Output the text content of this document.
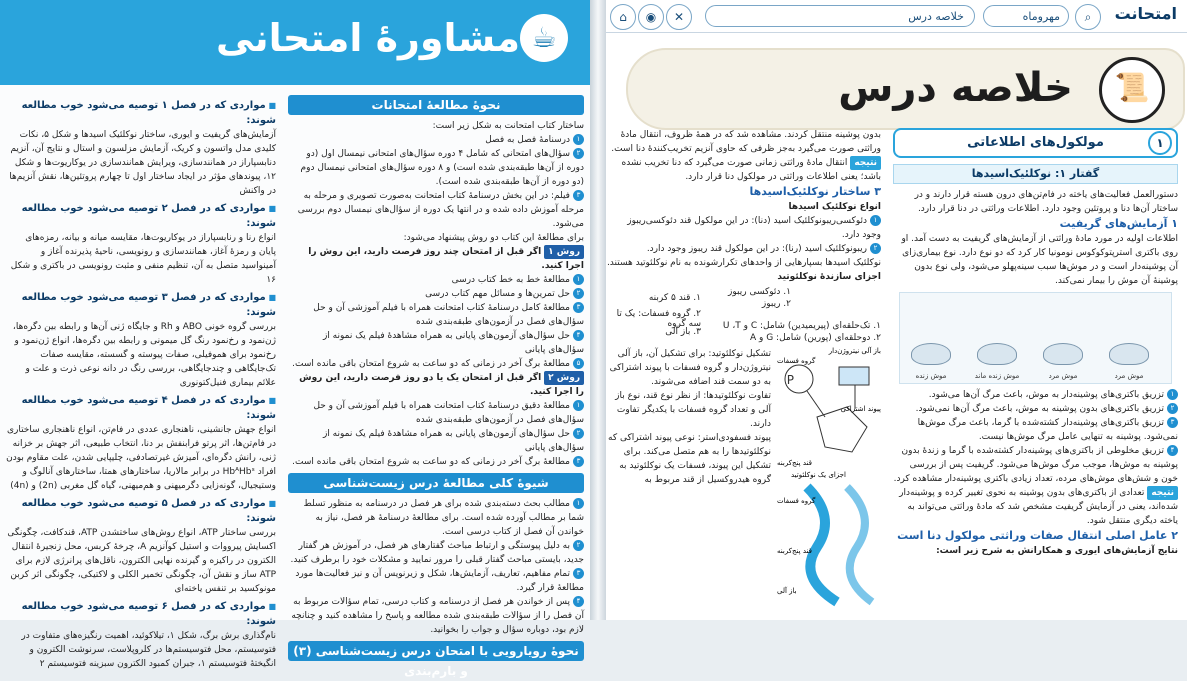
مشاوره‌ٔ امتحانی ☕
نحوهٔ مطالعهٔ امتحانات

ساختار کتاب امتحانت به شکل زیر است:

۱درسنامهٔ فصل به فصل

۲سؤال‌های امتحانی که شامل ۴ دوره سؤال‌های امتحانی نیمسال اول (دو دوره از آن‌ها طبقه‌بندی شده است) و ۸ دوره سؤال‌های امتحانی نیمسال دوم (دو دوره از آن‌ها طبقه‌بندی شده است).

۳فیلم: در این بخش درسنامهٔ کتاب امتحانت به‌صورت تصویری و مرحله به مرحله آموزش داده شده و در انتها یک دوره از سؤال‌های نیمسال دوم بررسی می‌شود.

برای مطالعهٔ این کتاب دو روش پیشنهاد می‌شود:

روش ۱اگر قبل از امتحان چند روز فرصت دارید، این روش را اجرا کنید.

۱مطالعهٔ خط به خط کتاب درسی

۲حل تمرین‌ها و مسائل مهم کتاب درسی

۳مطالعهٔ کامل درسنامهٔ کتاب امتحانت همراه با فیلم آموزشی آن و حل سؤال‌های فصل در آزمون‌های طبقه‌بندی شده

۴حل سؤال‌های آزمون‌های پایانی به همراه مشاهدهٔ فیلم یک نمونه از سؤال‌های پایانی

۵مطالعهٔ برگ آخر در زمانی که دو ساعت به شروع امتحان باقی مانده است.

روش ۲اگر قبل از امتحان یک یا دو روز فرصت دارید، این روش را اجرا کنید.

۱مطالعهٔ دقیق درسنامهٔ کتاب امتحانت همراه با فیلم آموزشی آن و حل سؤال‌های فصل در آزمون‌های طبقه‌بندی شده

۲حل سؤال‌های آزمون‌های پایانی به همراه مشاهدهٔ فیلم یک نمونه از سؤال‌های پایانی

۳مطالعهٔ برگ آخر در زمانی که دو ساعت به شروع امتحان باقی مانده است.

شیوهٔ کلی مطالعهٔ درس زیست‌شناسی

۱مطالب بحث دسته‌بندی شده برای هر فصل در درسنامه به منظور تسلط شما بر مطالب آورده شده است. برای مطالعهٔ درسنامهٔ هر فصل، نیاز به خواندن آن فصل از کتاب درسی است.

۲به دلیل پیوستگی و ارتباط مباحث گفتارهای هر فصل، در آموزش هر گفتار جدید، بایستی مباحث گفتار قبلی را مرور نمایید و مشکلات خود را برطرف کنید.

۳تمام مفاهیم، تعاریف، آزمایش‌ها، شکل و زیرنویس آن و نیز فعالیت‌ها مورد مطالعهٔ قرار گیرد.

۴پس از خواندن هر فصل از درسنامه و کتاب درسی، تمام سؤالات مربوط به آن فصل را از سؤالات طبقه‌بندی شده مطالعه و پاسخ را مشاهده کنید و چنانچه لازم بود، دوباره سؤال و جواب را بخوانید.

نحوهٔ رویارویی با امتحان درس زیست‌شناسی (۳) و بارم‌بندی
■ مواردی که در فصل ۱ توصیه می‌شود خوب مطالعه شوند:

آزمایش‌های گریفیت و ایوری، ساختار نوکلئیک اسیدها و شکل ۵، نکات کلیدی مدل واتسون و کریک، آزمایش مزلسون و استال و نتایج آن، آنزیم دنابسپاراز در همانندسازی، ویرایش همانندسازی در یوکاریوت‌ها و شکل ۱۲، پیوندهای مؤثر در ایجاد ساختار اول تا چهارم پروتئین‌ها، نقش آنزیم‌ها در واکنش

■ مواردی که در فصل ۲ توصیه می‌شود خوب مطالعه شوند:

انواع رنا و رنابسپاراز در یوکاریوت‌ها، مقایسه میانه و بیانه، رمزه‌های پایان و رمزهٔ آغاز، همانندسازی و رونویسی، ناحیهٔ پذیرنده آغاز و آمینواسید متصل به آن، تنظیم منفی و مثبت رونویسی در باکتری و شکل ۱۶

■ مواردی که در فصل ۳ توصیه می‌شود خوب مطالعه شوند:

بررسی گروه خونی ABO و Rh و جایگاه ژنی آن‌ها و رابطه بین دگره‌ها، ژن‌نمود و رخ‌نمود رنگ گل میمونی و رابطه بین دگره‌ها، انواع ژن‌نمود و رخ‌نمود برای هموفیلی، صفات پیوسته و گسسته، مقایسه صفات تک‌جایگاهی و چندجایگاهی، بررسی رنگ در دانه نوعی ذرت و علت و علائم بیماری فنیل‌کتونوری

■ مواردی که در فصل ۴ توصیه می‌شود خوب مطالعه شوند:

انواع جهش جانشینی، ناهنجاری عددی در فام‌تن، انواع ناهنجاری ساختاری در فام‌تن‌ها، اثر پرتو فرابنفش بر دنا، انتخاب طبیعی، اثر جهش بر خزانه ژنی، رانش دگره‌ای، آمیزش غیرتصادفی، چلیپایی شدن، علت مقاوم بودن افراد HbᴬHbˢ در برابر مالاریا، ساختارهای همتا، ساختارهای آنالوگ و وستیجیال، گونه‌زایی دگرمیهنی و هم‌میهنی، گیاه گل مغربی (2n) و (4n)

■ مواردی که در فصل ۵ توصیه می‌شود خوب مطالعه شوند:

بررسی ساختار ATP، انواع روش‌های ساختشدن ATP، قندکافت، چگونگی اکسایش پیرووات و استیل کوآنزیم A، چرخهٔ کربس، محل زنجیرهٔ انتقال الکترون در راکیزه و گیرنده نهایی الکترون، ناقل‌های پرانرژی لازم برای ATP ساز و نقش آن، چگونگی تخمیر الکلی و لاکتیکی، چگونگی اثر کربن مونوکسید بر تنفس یاخته‌ای

■ مواردی که در فصل ۶ توصیه می‌شود خوب مطالعه شوند:

نام‌گذاری برش برگ، شکل ۱، تیلاکوئید، اهمیت رنگیزه‌های متفاوت در فتوسیستم، محل فتوسیستم‌ها در کلروپلاست، سرنوشت الکترون و انگیختهٔ فتوسیستم ۱، جبران کمبود الکترون سبزینه فتوسیستم ۲

امتحانت
⌕
مهرو‌ماه
خلاصه درس
✕
◉
⌂
خلاصه درس	📜
۱
مولکول‌های اطلاعاتی
گفتار ۱: نوکلئیک‌اسیدها

دستورالعمل فعالیت‌های یاخته در فام‌تن‌های درون هسته قرار دارند و در ساختار آن‌ها دنا و پروتئین وجود دارد. اطلاعات وراثتی در دنا قرار دارد.

۱ آزمایش‌های گریفیت

اطلاعات اولیه در مورد مادهٔ وراثتی از آزمایش‌های گریفیت به دست آمد. او روی باکتری استرپتوکوکوس نومونیا کار کرد که دو نوع دارد. نوع بیماری‌زای آن پوشینه‌دار است و در موش‌ها سبب سینه‌پهلو می‌شود، ولی نوع بدون پوشینهٔ آن موش را بیمار نمی‌کند.

موش مرد
موش مرد
موش زنده ماند
موش زنده

۱تزریق باکتری‌های پوشینه‌دار به موش، باعث مرگ آن‌ها می‌شود.

۲تزریق باکتری‌های بدون پوشینه به موش، باعث مرگ آن‌ها نمی‌شود.

۳تزریق باکتری‌های پوشینه‌دار کشته‌شده با گرما، باعث مرگ موش‌ها نمی‌شود. پوشینه به تنهایی عامل مرگ موش‌ها نیست.

۴تزریق مخلوطی از باکتری‌های پوشینه‌دار کشته‌شده با گرما و زندهٔ بدون پوشینه به موش‌ها، موجب مرگ موش‌ها می‌شود. گریفیت پس از بررسی خون و شش‌های موش‌های مرده، تعداد زیادی باکتری پوشینه‌دار مشاهده کرد.

نتیجهتعدادی از باکتری‌های بدون پوشینه به نحوی تغییر کرده و پوشینه‌دار شده‌اند، یعنی در آزمایش گریفیت مشخص شد که مادهٔ وراثتی می‌تواند به یاخته دیگری منتقل شود.

۲ عامل اصلی انتقال صفات وراثتی مولکول دنا است
نتایج آزمایش‌های ایوری و همکارانش به شرح زیر است:

بدون پوشینه منتقل کردند. مشاهده شد که در همهٔ ظروف، انتقال مادهٔ وراثتی صورت می‌گیرد به‌جز ظرفی که حاوی آنزیم تخریب‌کنندهٔ دنا است.

نتیجهانتقال مادهٔ وراثتی زمانی صورت می‌گیرد که دنا تخریب نشده باشد؛ یعنی اطلاعات وراثتی در مولکول دنا قرار دارد.

۳ ساختار نوکلئیک‌اسیدها
انواع نوکلئیک اسیدها

۱دئوکسی‌ریبونوکلئیک اسید (دنا): در این مولکول قند دئوکسی‌ریبوز وجود دارد.

۲ریبونوکلئیک اسید (رنا): در این مولکول قند ریبوز وجود دارد.

نوکلئیک اسیدها بسپارهایی از واحدهای تکرارشونده به نام نوکلئوتید هستند.

اجزای سازندهٔ نوکلئوتید
۱. دئوکسی ریبوز
۲. ریبوز
۱. قند ۵ کربنه
۲. گروه فسفات: یک تا سه گروه ۱. تک‌حلقه‌ای (پیریمیدین) شامل: C و U ،T
۲. دوحلقه‌ای (پورین) شامل: G و A
۳. باز آلی

تشکیل نوکلئوتید: برای تشکیل آن، باز آلی نیتروژن‌دار و گروه فسفات با پیوند اشتراکی به دو سمت قند اضافه می‌شوند.

تفاوت نوکلئوتیدها: از نظر نوع قند، نوع باز آلی و تعداد گروه فسفات با یکدیگر تفاوت دارند.

پیوند فسفودی‌استر: نوعی پیوند اشتراکی که نوکلئوتیدها را به هم متصل می‌کند. برای تشکیل این پیوند، فسفات یک نوکلئوتید به گروه هیدروکسیل از قند مربوط به

P
باز آلی نیتروژن‌دار
گروه فسفات
پیوند اشتراکی
قند پنج‌کربنه
اجزای یک نوکلئوتید
گروه فسفات
قند پنج‌کربنه
باز آلی
